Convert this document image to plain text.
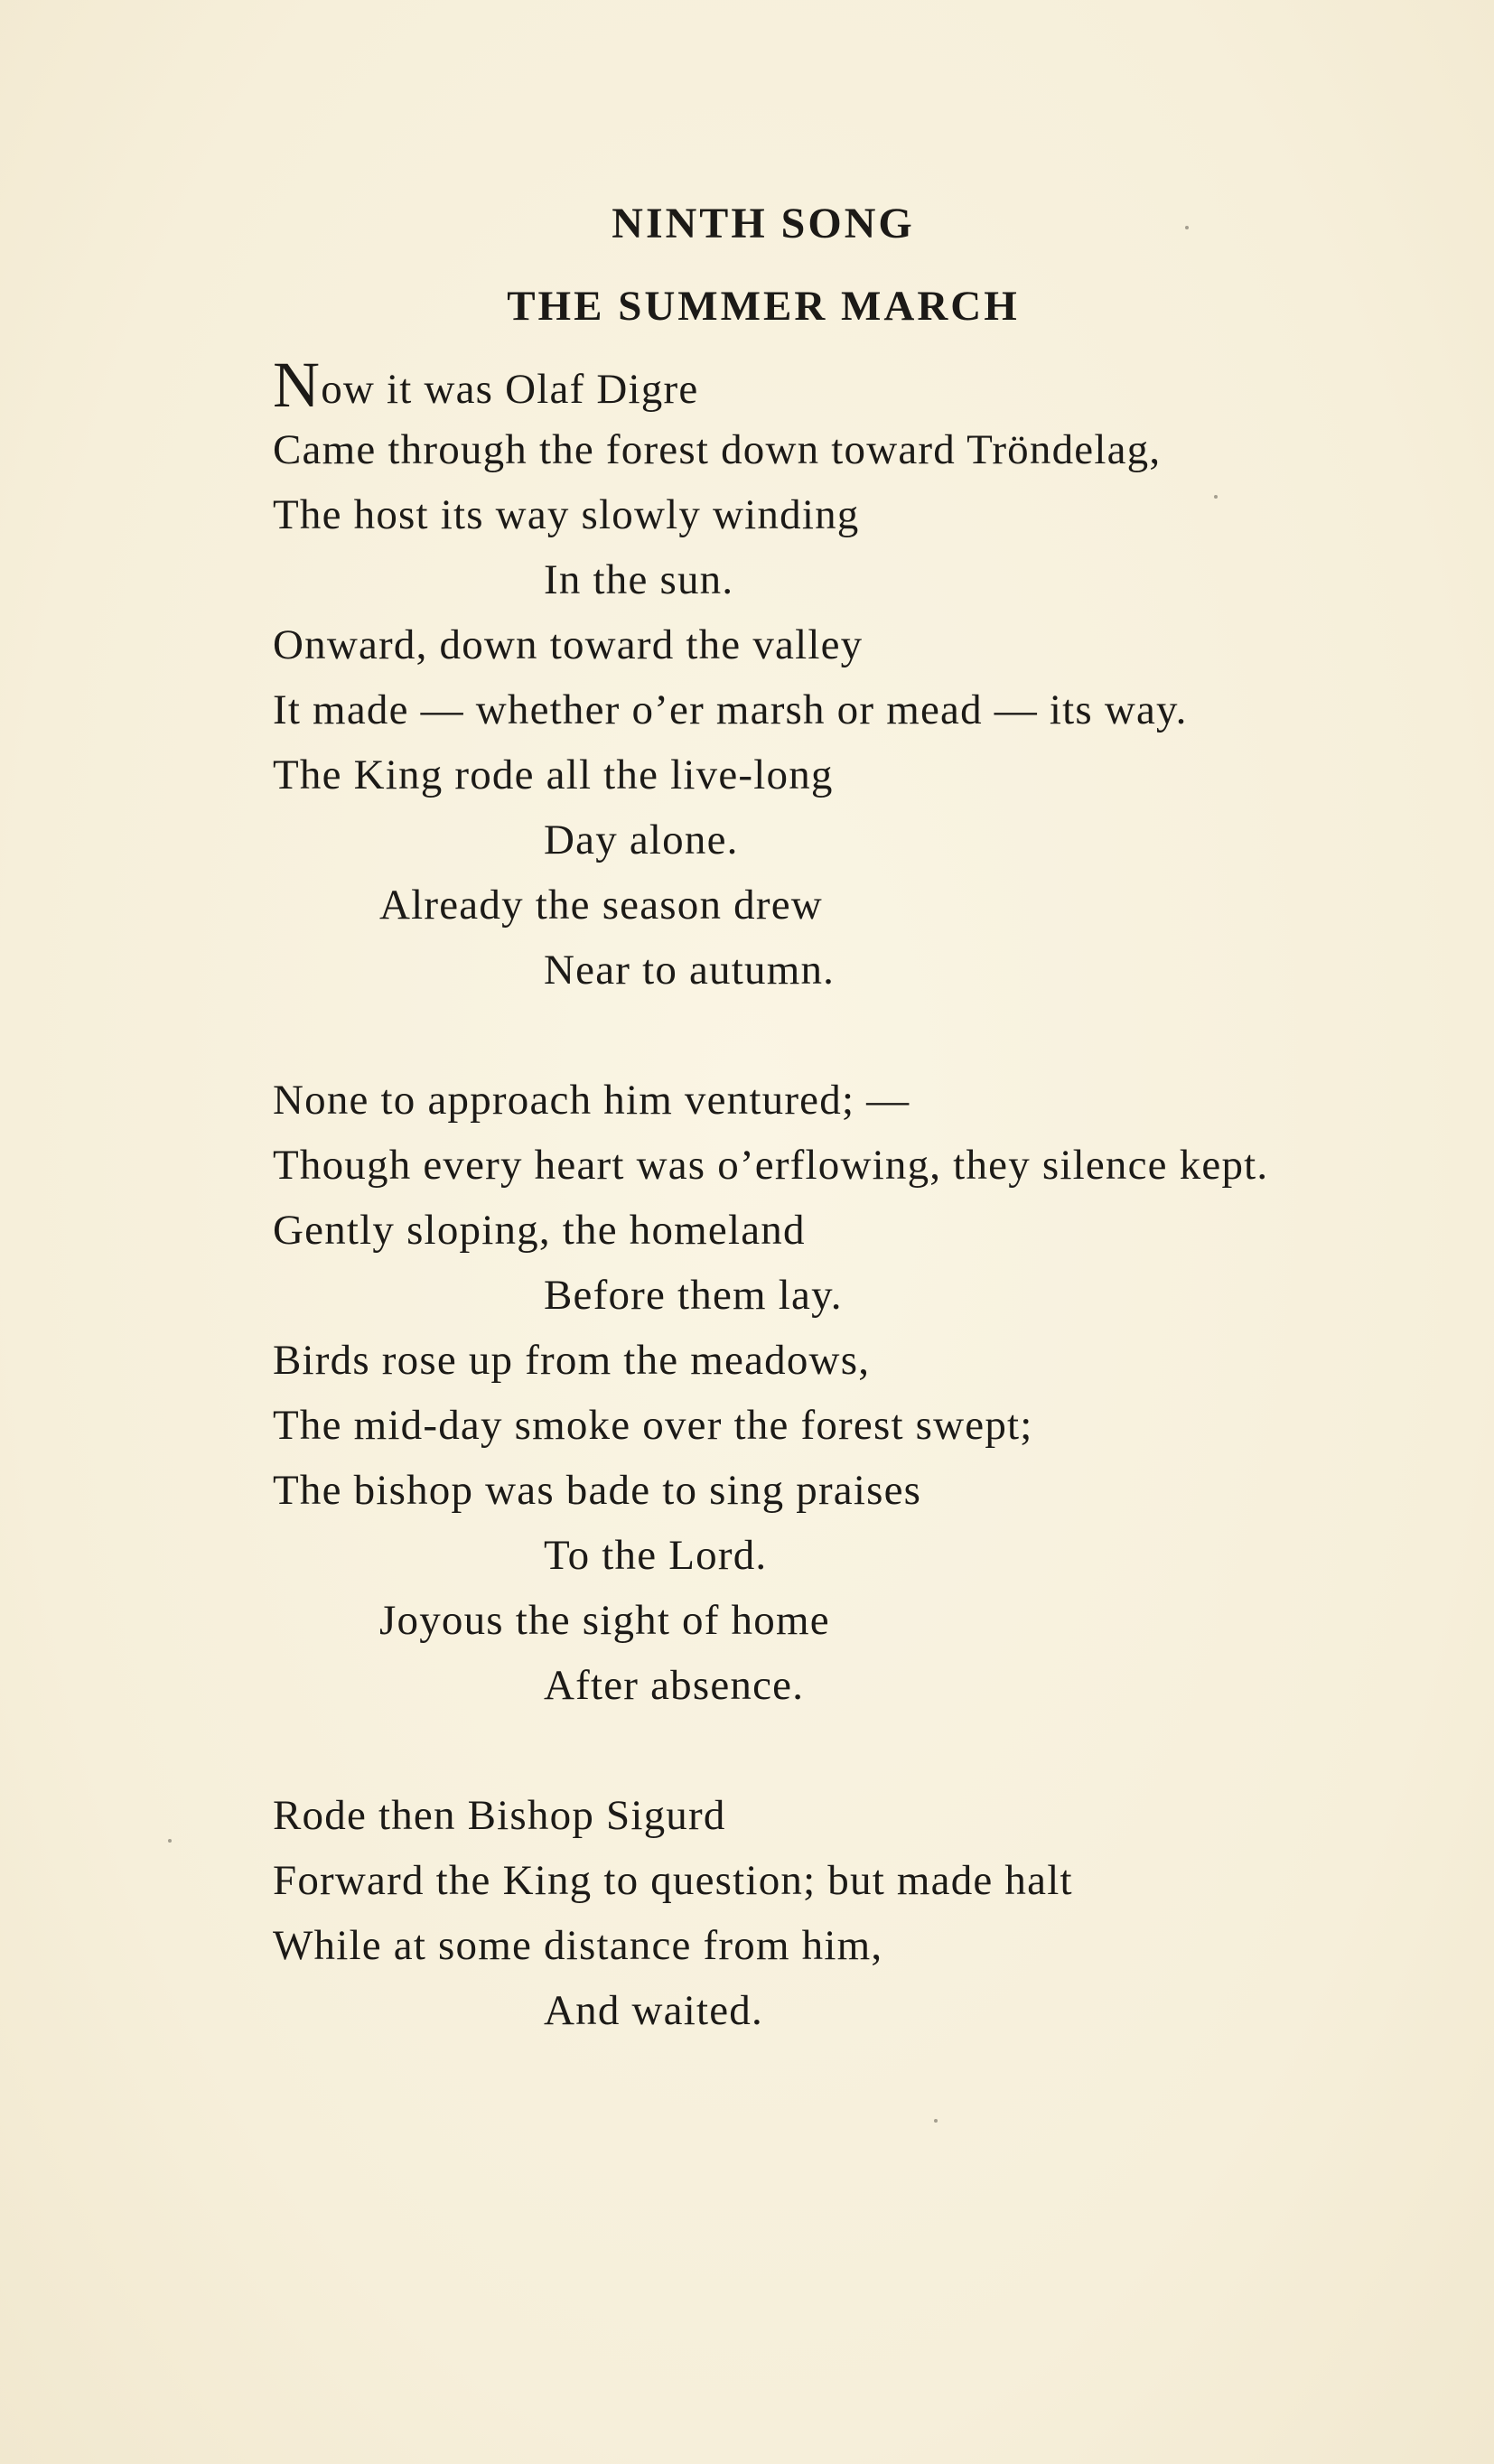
NINTH SONG
THE SUMMER MARCH
Now it was Olaf Digre
Came through the forest down toward Tröndelag,
The host its way slowly winding
In the sun.
Onward, down toward the valley
It made — whether o’er marsh or mead — its way.
The King rode all the live-long
Day alone.
Already the season drew
Near to autumn.
None to approach him ventured; —
Though every heart was o’erflowing, they silence kept.
Gently sloping, the homeland
Before them lay.
Birds rose up from the meadows,
The mid-day smoke over the forest swept;
The bishop was bade to sing praises
To the Lord.
Joyous the sight of home
After absence.
Rode then Bishop Sigurd
Forward the King to question; but made halt
While at some distance from him,
And waited.
